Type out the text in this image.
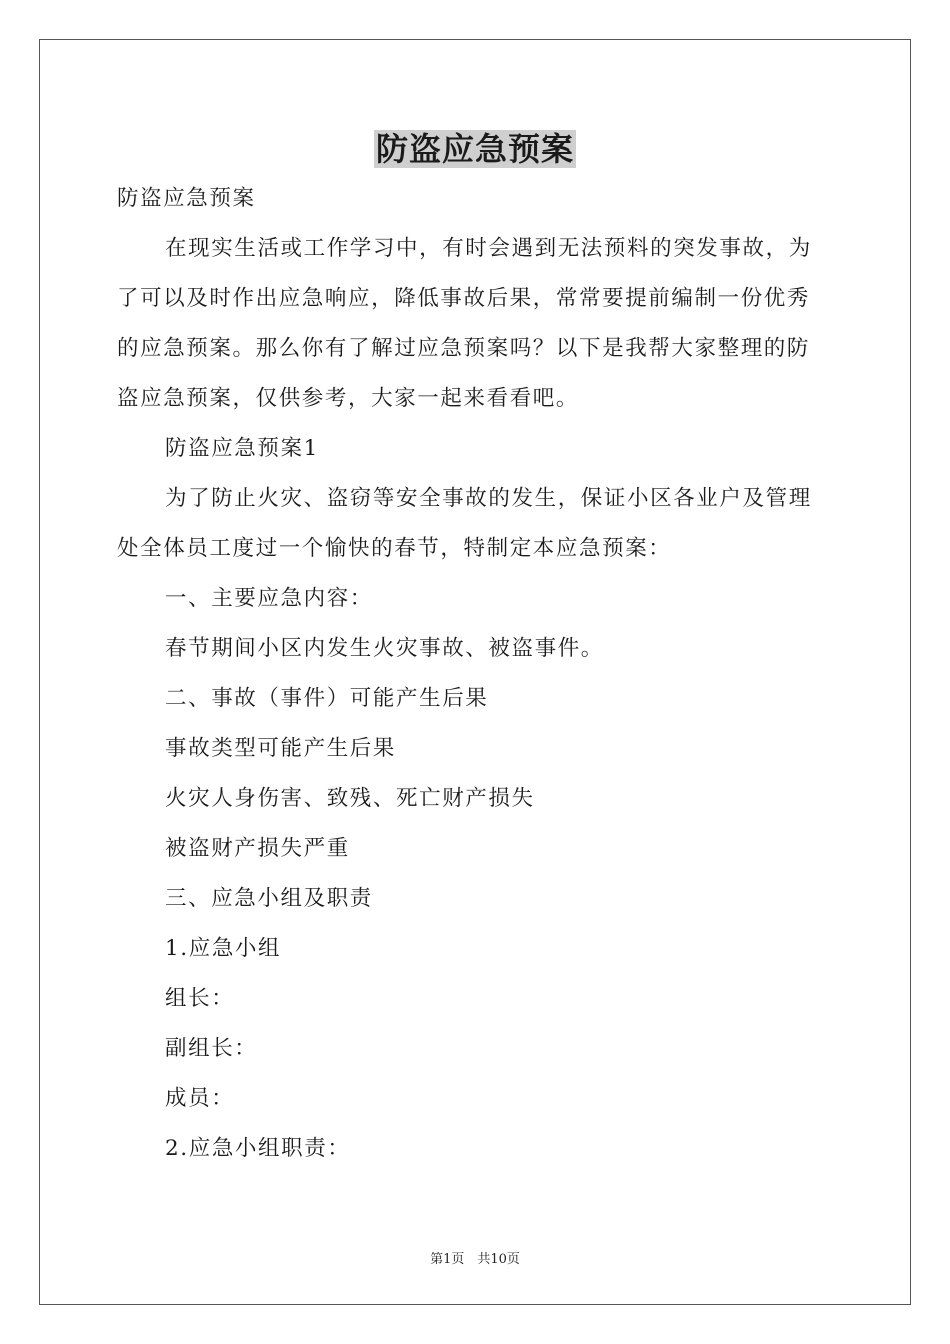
防盗应急预案
防盗应急预案
在现实生活或工作学习中，有时会遇到无法预料的突发事故，为
了可以及时作出应急响应，降低事故后果，常常要提前编制一份优秀
的应急预案。那么你有了解过应急预案吗？以下是我帮大家整理的防
盗应急预案，仅供参考，大家一起来看看吧。
防盗应急预案1
为了防止火灾、盗窃等安全事故的发生，保证小区各业户及管理
处全体员工度过一个愉快的春节，特制定本应急预案：
一、主要应急内容：
春节期间小区内发生火灾事故、被盗事件。
二、事故（事件）可能产生后果
事故类型可能产生后果
火灾人身伤害、致残、死亡财产损失
被盗财产损失严重
三、应急小组及职责
1.应急小组
组长：
副组长：
成员：
2.应急小组职责：
第1页　共10页
